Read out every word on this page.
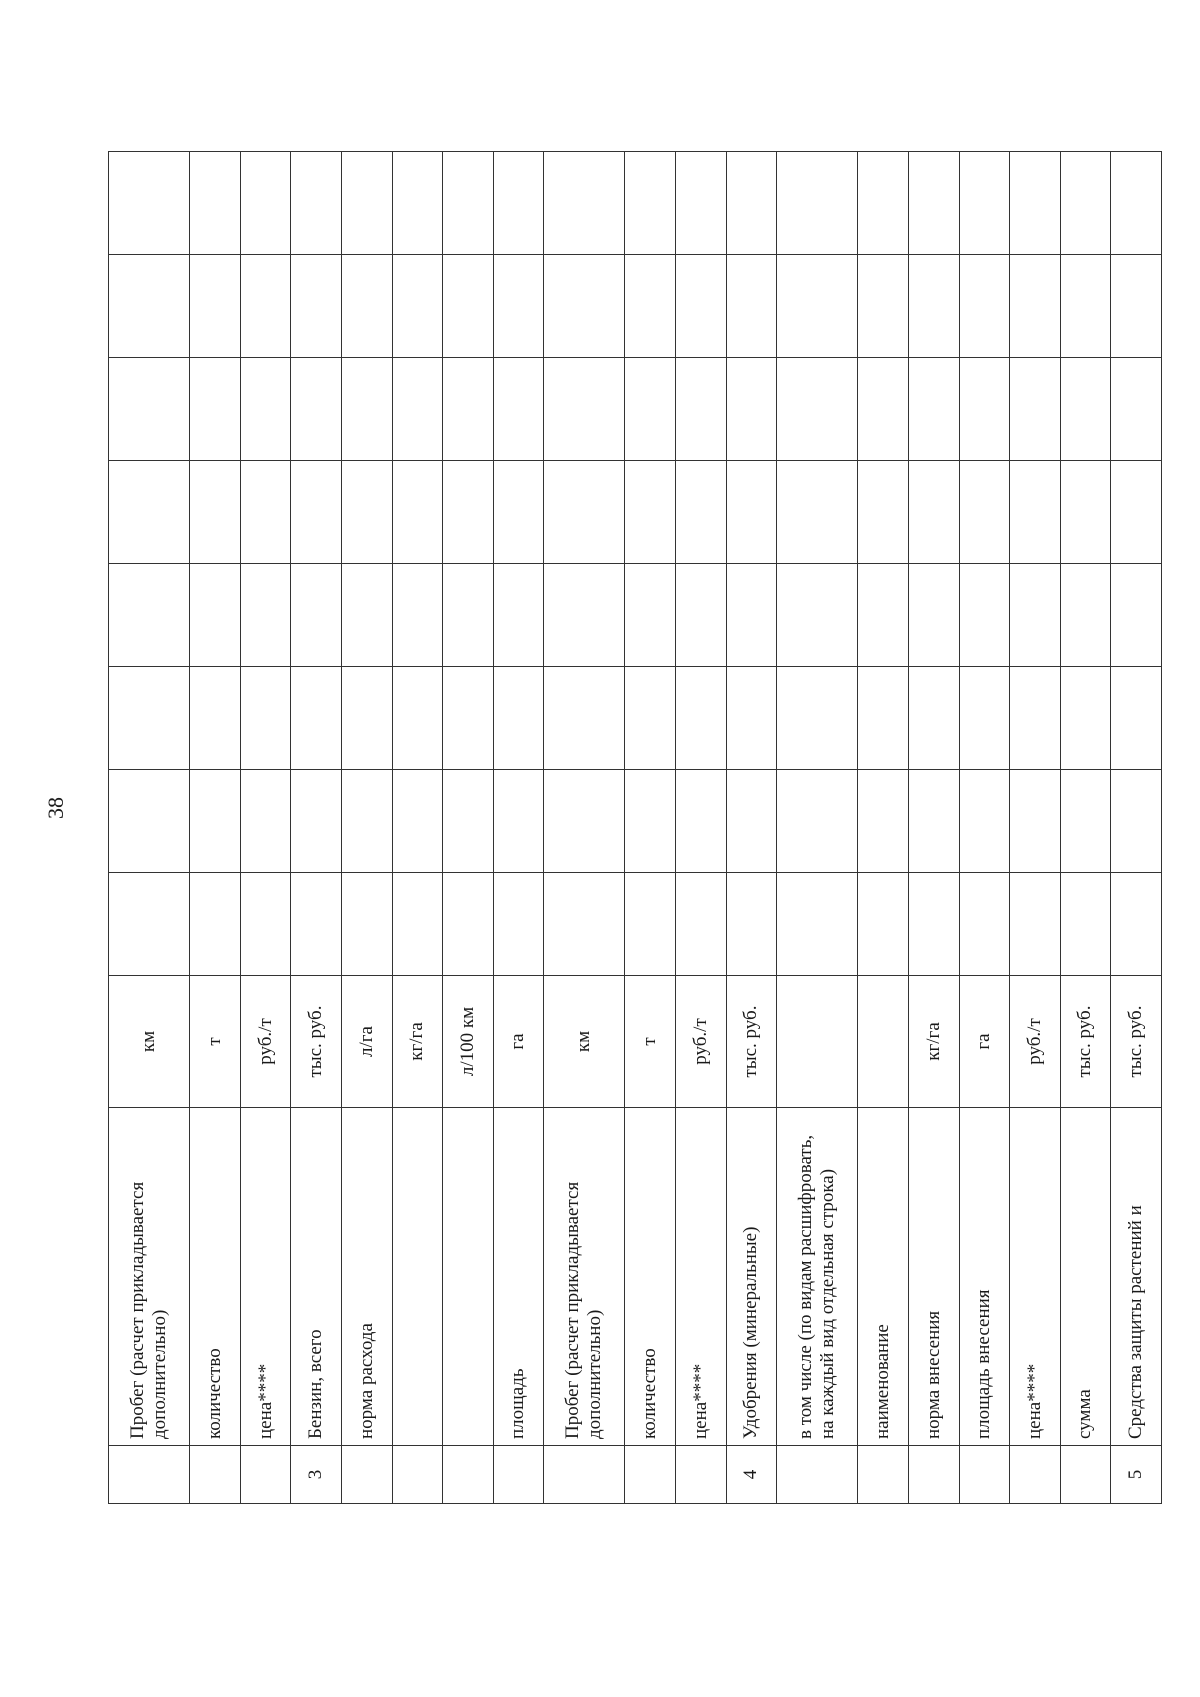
38
	Пробег (расчет прикладывается дополнительно)	км								
	количество	т								
	цена****	руб./т								
3	Бензин, всего	тыс. руб.								
	норма расхода	л/га								
		кг/га								
		л/100 км								
	площадь	га								
	Пробег (расчет прикладывается дополнительно)	км								
	количество	т								
	цена****	руб./т								
4	Удобрения (минеральные)	тыс. руб.								
	в том числе (по видам расшифровать, на каждый вид отдельная строка)									
	наименование									
	норма внесения	кг/га								
	площадь внесения	га								
	цена****	руб./т								
	сумма	тыс. руб.								
5	Средства защиты растений и	тыс. руб.								
